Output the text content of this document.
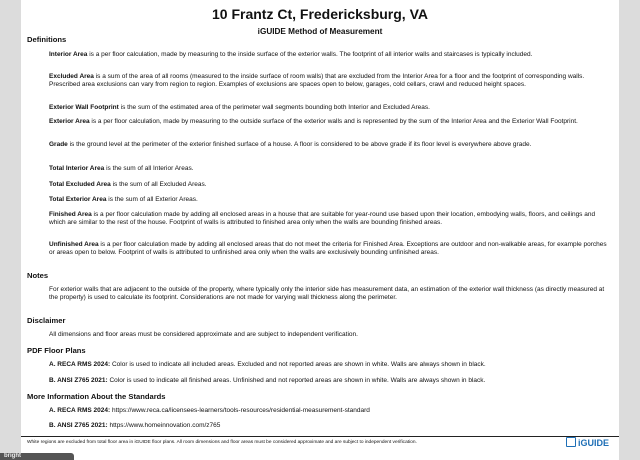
10 Frantz Ct, Fredericksburg, VA
iGUIDE Method of Measurement
Definitions
Interior Area is a per floor calculation, made by measuring to the inside surface of the exterior walls. The footprint of all interior walls and staircases is typically included.
Excluded Area is a sum of the area of all rooms (measured to the inside surface of room walls) that are excluded from the Interior Area for a floor and the footprint of corresponding walls. Prescribed area exclusions can vary from region to region. Examples of exclusions are spaces open to below, garages, cold cellars, crawl and reduced height spaces.
Exterior Wall Footprint is the sum of the estimated area of the perimeter wall segments bounding both Interior and Excluded Areas.
Exterior Area is a per floor calculation, made by measuring to the outside surface of the exterior walls and is represented by the sum of the Interior Area and the Exterior Wall Footprint.
Grade is the ground level at the perimeter of the exterior finished surface of a house. A floor is considered to be above grade if its floor level is everywhere above grade.
Total Interior Area is the sum of all Interior Areas.
Total Excluded Area is the sum of all Excluded Areas.
Total Exterior Area is the sum of all Exterior Areas.
Finished Area is a per floor calculation made by adding all enclosed areas in a house that are suitable for year-round use based upon their location, embodying walls, floors, and ceilings and which are similar to the rest of the house. Footprint of walls is attributed to finished area only when the walls are bounding finished areas.
Unfinished Area is a per floor calculation made by adding all enclosed areas that do not meet the criteria for Finished Area. Exceptions are outdoor and non-walkable areas, for example porches or areas open to below. Footprint of walls is attributed to unfinished area only when the walls are exclusively bounding unfinished areas.
Notes
For exterior walls that are adjacent to the outside of the property, where typically only the interior side has measurement data, an estimation of the exterior wall thickness (as directly measured at the property) is used to calculate its footprint. Considerations are not made for varying wall thickness along the perimeter.
Disclaimer
All dimensions and floor areas must be considered approximate and are subject to independent verification.
PDF Floor Plans
A. RECA RMS 2024: Color is used to indicate all included areas. Excluded and not reported areas are shown in white. Walls are always shown in black.
B. ANSI Z765 2021: Color is used to indicate all finished areas. Unfinished and not reported areas are shown in white. Walls are always shown in black.
More Information About the Standards
A. RECA RMS 2024: https://www.reca.ca/licensees-learners/tools-resources/residential-measurement-standard
B. ANSI Z765 2021: https://www.homeinnovation.com/z765
White regions are excluded from total floor area in iGUIDE floor plans. All room dimensions and floor areas must be considered approximate and are subject to independent verification.	iGUIDE
bright
